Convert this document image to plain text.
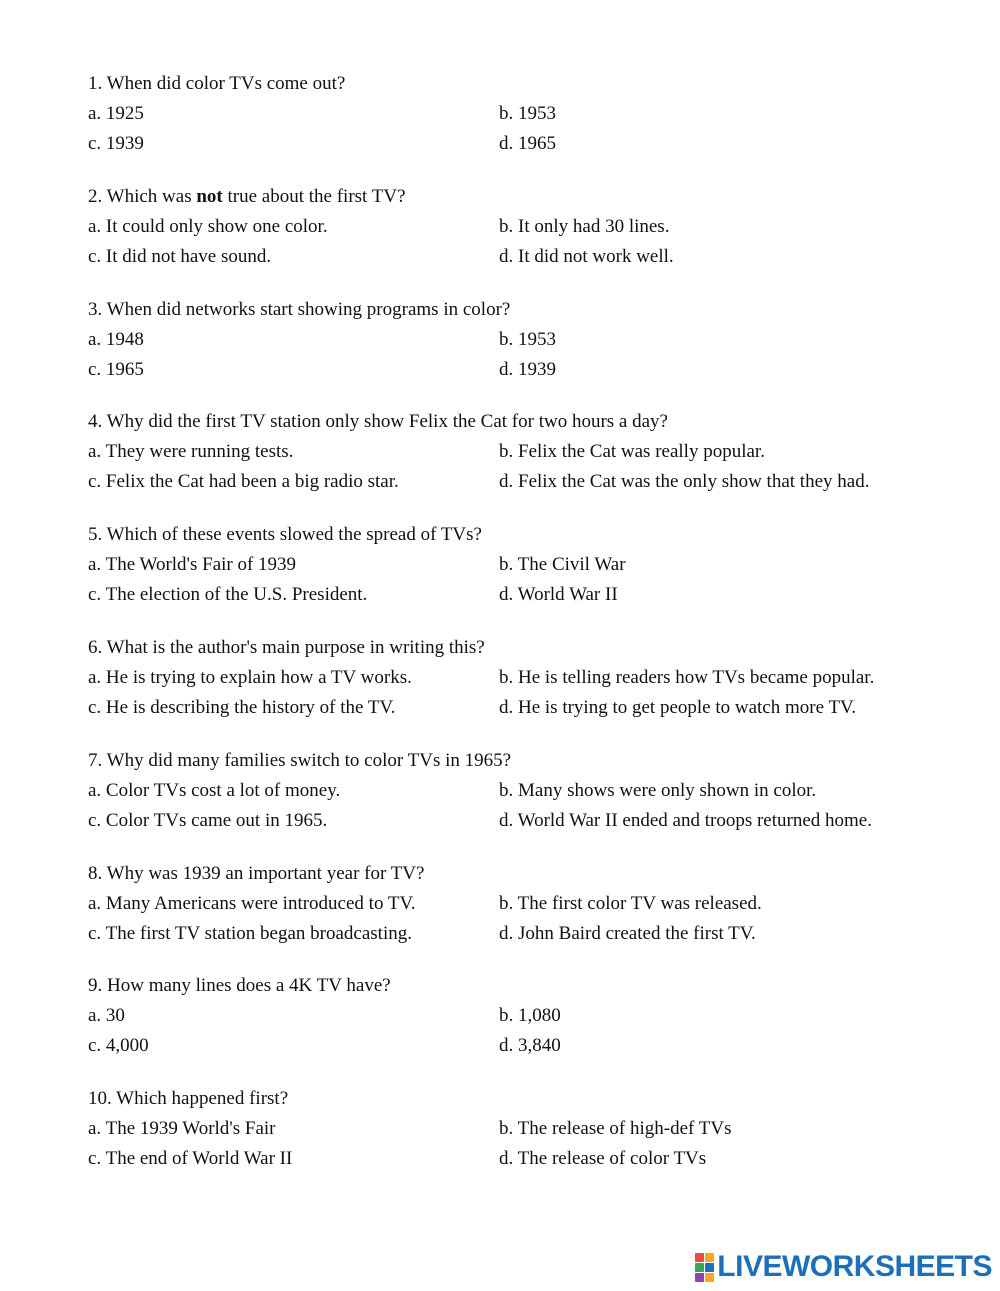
1. When did color TVs come out?
a. 1925	b. 1953
c. 1939	d. 1965
2. Which was not true about the first TV?
a. It could only show one color.	b. It only had 30 lines.
c. It did not have sound.	d. It did not work well.
3. When did networks start showing programs in color?
a. 1948	b. 1953
c. 1965	d. 1939
4. Why did the first TV station only show Felix the Cat for two hours a day?
a. They were running tests.	b. Felix the Cat was really popular.
c. Felix the Cat had been a big radio star.	d. Felix the Cat was the only show that they had.
5. Which of these events slowed the spread of TVs?
a. The World's Fair of 1939	b. The Civil War
c. The election of the U.S. President.	d. World War II
6. What is the author's main purpose in writing this?
a. He is trying to explain how a TV works.	b. He is telling readers how TVs became popular.
c. He is describing the history of the TV.	d. He is trying to get people to watch more TV.
7. Why did many families switch to color TVs in 1965?
a. Color TVs cost a lot of money.	b. Many shows were only shown in color.
c. Color TVs came out in 1965.	d. World War II ended and troops returned home.
8. Why was 1939 an important year for TV?
a. Many Americans were introduced to TV.	b. The first color TV was released.
c. The first TV station began broadcasting.	d. John Baird created the first TV.
9. How many lines does a 4K TV have?
a. 30	b. 1,080
c. 4,000	d. 3,840
10. Which happened first?
a. The 1939 World's Fair	b. The release of high-def TVs
c. The end of World War II	d. The release of color TVs
LIVEWORKSHEETS
